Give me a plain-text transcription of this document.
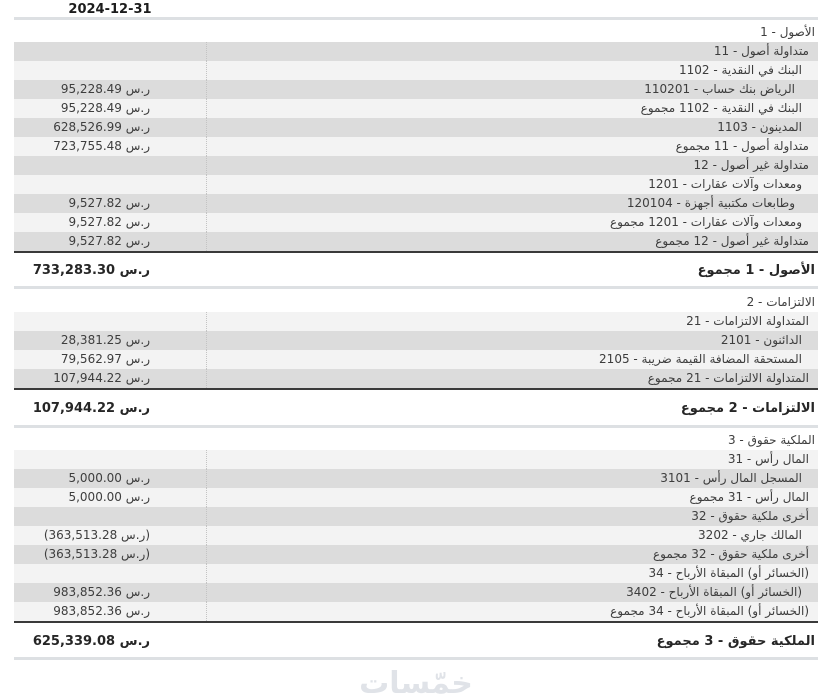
2024-12-31
1‎ -‎ الأصول
11‎ -‎ أصول‎ متداولة
1102‎ -‎ النقدية‎ في‎ البنك
95,228.49‎ ر.س	110201‎ -‎ حساب‎ بنك‎ الرياض
95,228.49‎ ر.س	مجموع‎ 1102‎ -‎ النقدية‎ في‎ البنك
628,526.99‎ ر.س	1103‎ -‎ المدينون
723,755.48‎ ر.س	مجموع‎ 11‎ -‎ أصول‎ متداولة
12‎ -‎ أصول‎ غير‎ متداولة
1201‎ -‎ عقارات‎ وآلات‎ ومعدات
9,527.82‎ ر.س	120104‎ -‎ أجهزة‎ مكتبية‎ وطابعات
9,527.82‎ ر.س	مجموع‎ 1201‎ -‎ عقارات‎ وآلات‎ ومعدات
9,527.82‎ ر.س	مجموع‎ 12‎ -‎ أصول‎ غير‎ متداولة
733,283.30‎ ر.س	مجموع‎ 1‎ -‎ الأصول
2‎ -‎ الالتزامات
21‎ -‎ الالتزامات‎ المتداولة
28,381.25‎ ر.س	2101‎ -‎ الدائنون
79,562.97‎ ر.س	2105‎ -‎ ضريبة‎ القيمة‎ المضافة‎ المستحقة
107,944.22‎ ر.س	مجموع‎ 21‎ -‎ الالتزامات‎ المتداولة
107,944.22‎ ر.س	مجموع‎ 2‎ -‎ الالتزامات
3‎ -‎ حقوق‎ الملكية
31‎ -‎ رأس‎ المال
5,000.00‎ ر.س	3101‎ -‎ رأس‎ المال‎ المسجل
5,000.00‎ ر.س	مجموع‎ 31‎ -‎ رأس‎ المال
32‎ -‎ حقوق‎ ملكية‎ أخرى
(363,513.28‎ ر.س)	3202‎ -‎ جاري‎ المالك
(363,513.28‎ ر.س)	مجموع‎ 32‎ -‎ حقوق‎ ملكية‎ أخرى
34‎ -‎ الأرباح‎ المبقاة‎ (أو‎ الخسائر)
983,852.36‎ ر.س	3402‎ -‎ الأرباح‎ المبقاة‎ (أو‎ الخسائر)
983,852.36‎ ر.س	مجموع‎ 34‎ -‎ الأرباح‎ المبقاة‎ (أو‎ الخسائر)
625,339.08‎ ر.س	مجموع‎ 3‎ -‎ حقوق‎ الملكية
خمّسات
